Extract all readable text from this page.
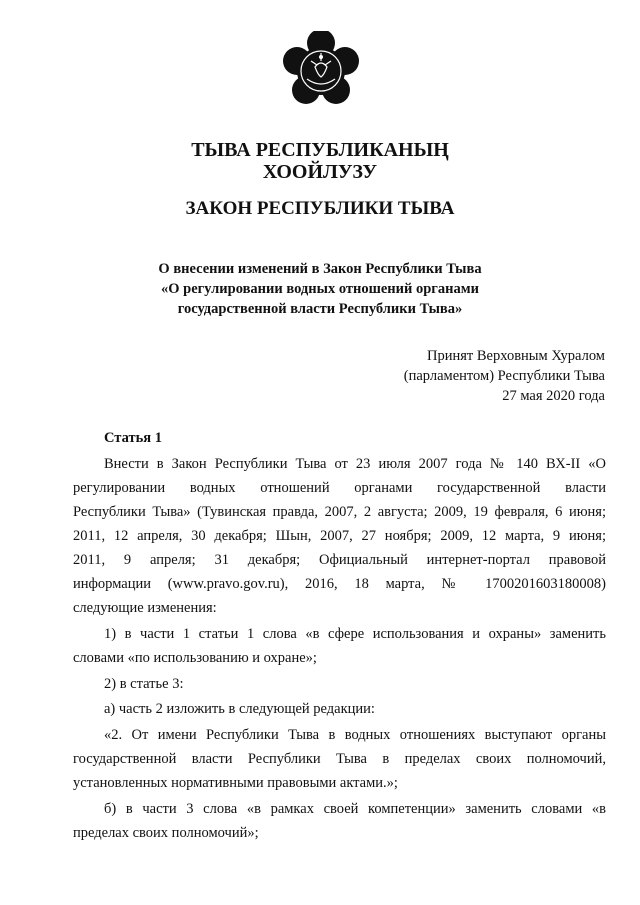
ТЫВА РЕСПУБЛИКАНЫҢ
ХООЙЛУЗУ
ЗАКОН РЕСПУБЛИКИ ТЫВА
О внесении изменений в Закон Республики Тыва
«О регулировании водных отношений органами
государственной власти Республики Тыва»
Принят Верховным Хуралом
(парламентом) Республики Тыва
27 мая 2020 года
Статья 1
Внести в Закон Республики Тыва от 23 июля 2007 года № 140 ВХ-II «О
регулировании водных отношений органами государственной власти
Республики Тыва» (Тувинская правда, 2007, 2 августа; 2009, 19 февраля, 6 июня;
2011, 12 апреля, 30 декабря; Шын, 2007, 27 ноября; 2009, 12 марта, 9 июня;
2011, 9 апреля; 31 декабря; Официальный интернет-портал правовой
информации (www.pravo.gov.ru), 2016, 18 марта, № 1700201603180008)
следующие изменения:
1) в части 1 статьи 1 слова «в сфере использования и охраны» заменить
словами «по использованию и охране»;
2) в статье 3:
а) часть 2 изложить в следующей редакции:
«2. От имени Республики Тыва в водных отношениях выступают органы
государственной власти Республики Тыва в пределах своих полномочий,
установленных нормативными правовыми актами.»;
б) в части 3 слова «в рамках своей компетенции» заменить словами «в
пределах своих полномочий»;
